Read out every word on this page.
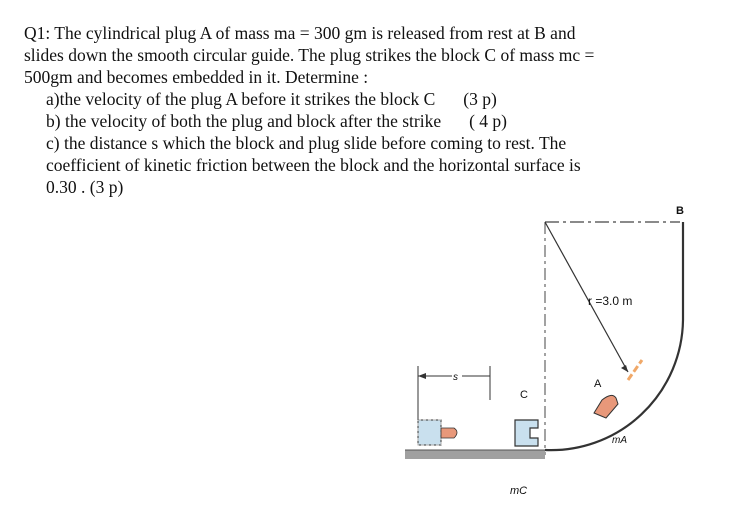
Q1: The cylindrical plug A of mass ma = 300 gm is released from rest at B and
slides down the smooth circular guide. The plug strikes the block C of mass mc =
500gm and becomes embedded in it. Determine :
a)the velocity of the plug A before it strikes the block C (3 p)
b) the velocity of both the plug and block after the strike ( 4 p)
c) the distance s which the block and plug slide before coming to rest. The
coefficient of kinetic friction between the block and the horizontal surface is
0.30 . (3 p)
B
r =3.0 m
A
mA
C
mC
s
